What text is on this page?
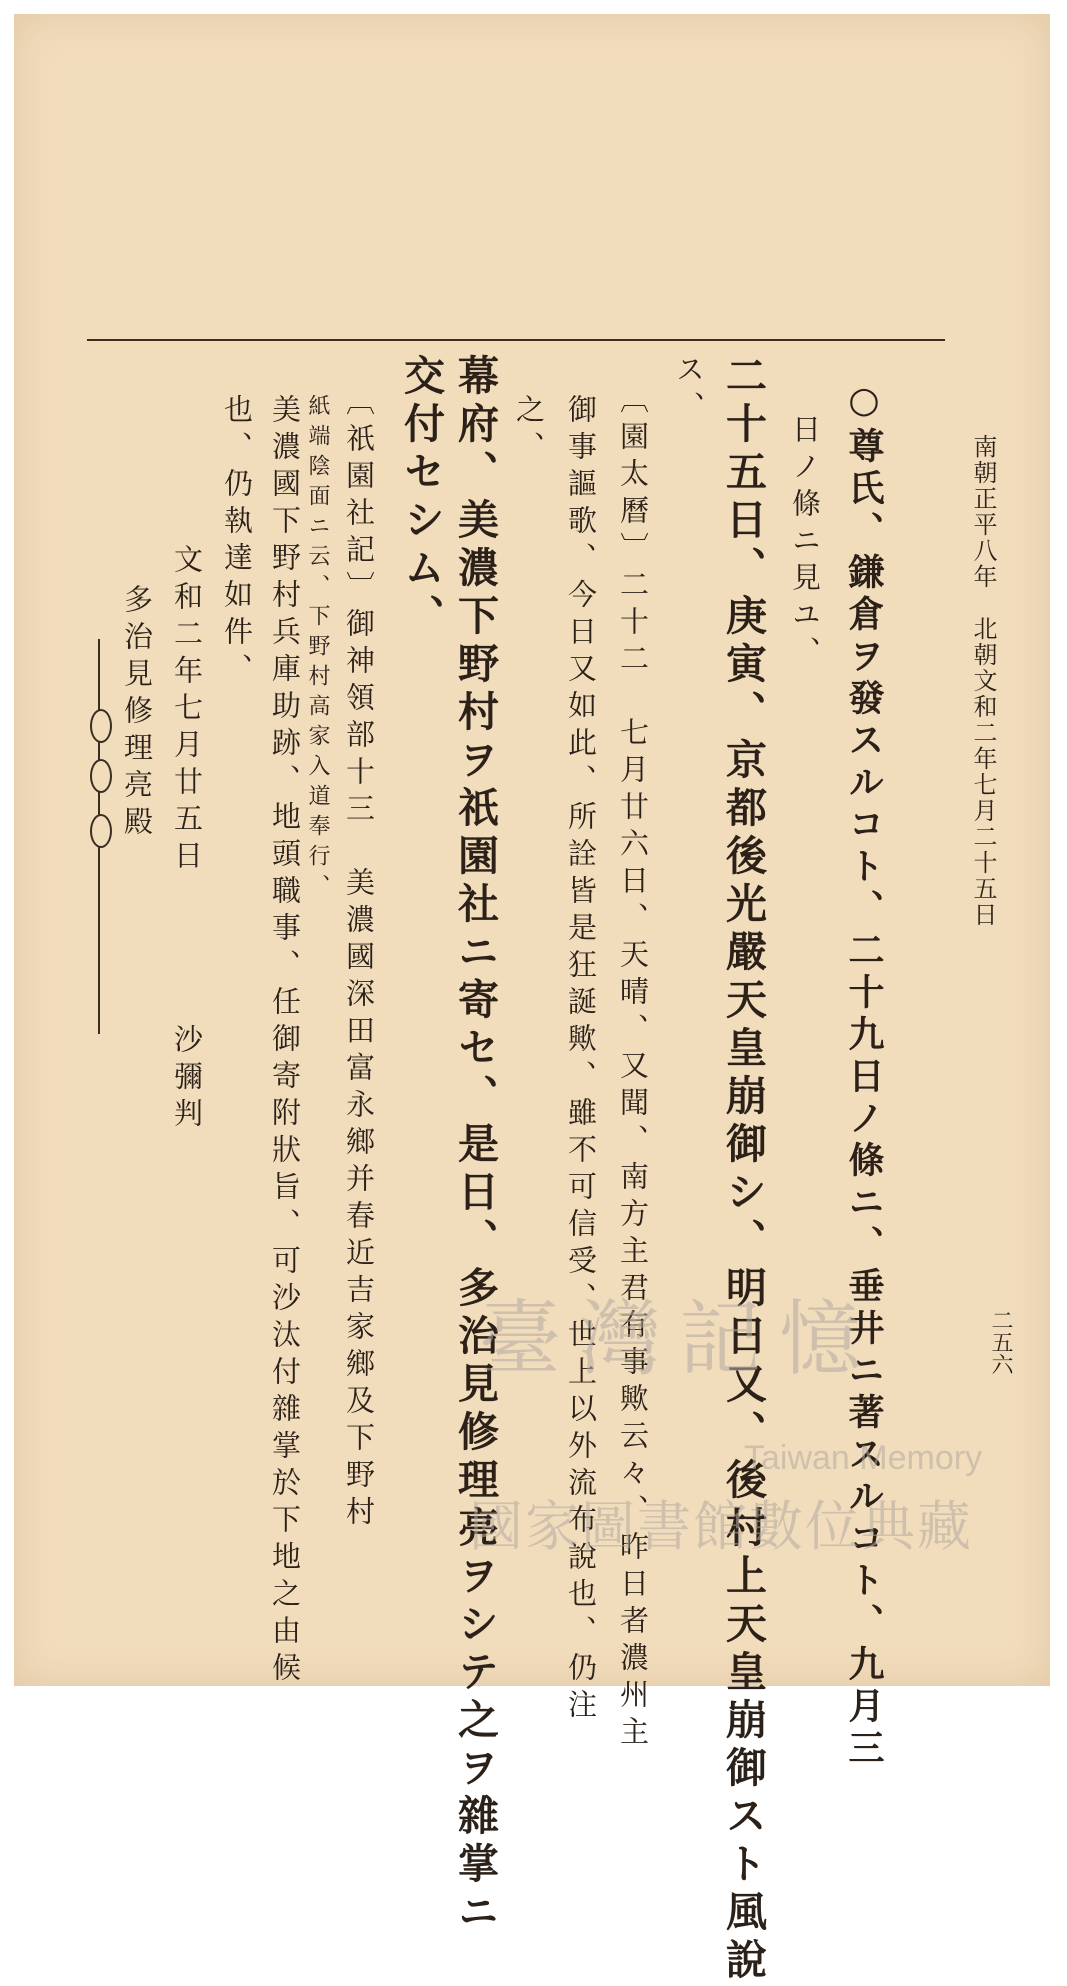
南朝正平八年　北朝文和二年七月二十五日
二五六
○尊氏、鎌倉ヲ發スルコト、二十九日ノ條ニ、垂井ニ著スルコト、九月三
日ノ條ニ見ユ、
二十五日、庚寅、京都後光嚴天皇崩御シ、明日又、後村上天皇崩御スト風說
ス、
〔園太曆〕二十二　七月廿六日、天晴、又聞、南方主君有事歟云々、昨日者濃州主
御事謳歌、今日又如此、所詮皆是狂誕歟、雖不可信受、世上以外流布說也、仍注
之、
幕府、美濃下野村ヲ祇園社ニ寄セ、是日、多治見修理亮ヲシテ之ヲ雜掌ニ
交付セシム、
〔祇園社記〕御神領部十三　美濃國深田富永鄉并春近吉家鄉及下野村
紙端陰面ニ云、下野村高家入道奉行、
美濃國下野村兵庫助跡、地頭職事、任御寄附狀旨、可沙汰付雜掌於下地之由候
也、仍執達如件、
文和二年七月廿五日
沙彌判
多治見修理亮殿
臺灣記憶
Taiwan Memory
國家圖書館數位典藏
